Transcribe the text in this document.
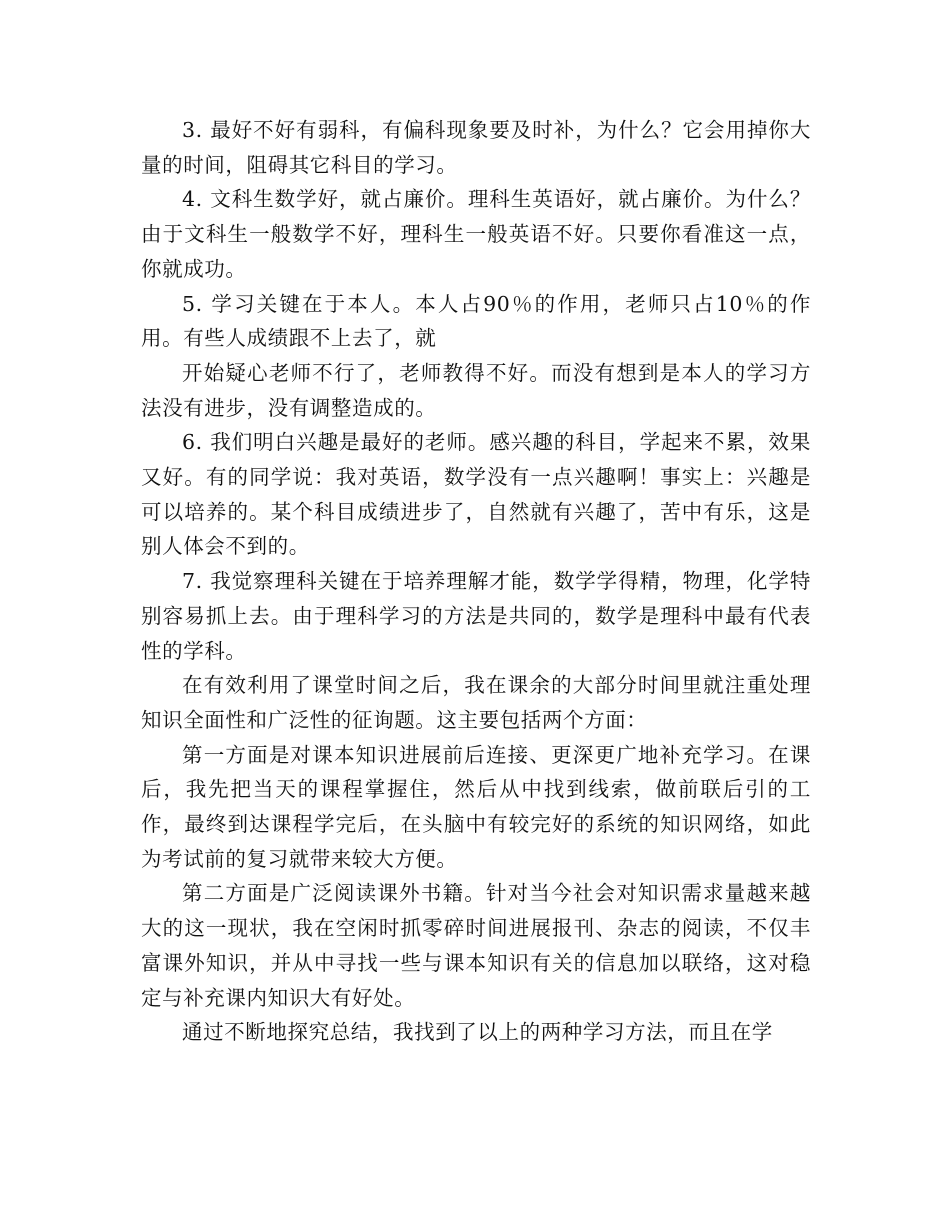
3. 最好不好有弱科，有偏科现象要及时补，为什么？它会用掉你大量的时间，阻碍其它科目的学习。

4. 文科生数学好，就占廉价。理科生英语好，就占廉价。为什么？由于文科生一般数学不好，理科生一般英语不好。只要你看准这一点，你就成功。

5. 学习关键在于本人。本人占90％的作用，老师只占10％的作用。有些人成绩跟不上去了，就

开始疑心老师不行了，老师教得不好。而没有想到是本人的学习方法没有进步，没有调整造成的。

6. 我们明白兴趣是最好的老师。感兴趣的科目，学起来不累，效果又好。有的同学说：我对英语，数学没有一点兴趣啊！事实上：兴趣是可以培养的。某个科目成绩进步了，自然就有兴趣了，苦中有乐，这是别人体会不到的。

7. 我觉察理科关键在于培养理解才能，数学学得精，物理，化学特别容易抓上去。由于理科学习的方法是共同的，数学是理科中最有代表性的学科。

在有效利用了课堂时间之后，我在课余的大部分时间里就注重处理知识全面性和广泛性的征询题。这主要包括两个方面：

第一方面是对课本知识进展前后连接、更深更广地补充学习。在课后，我先把当天的课程掌握住，然后从中找到线索，做前联后引的工作，最终到达课程学完后，在头脑中有较完好的系统的知识网络，如此为考试前的复习就带来较大方便。

第二方面是广泛阅读课外书籍。针对当今社会对知识需求量越来越大的这一现状，我在空闲时抓零碎时间进展报刊、杂志的阅读，不仅丰富课外知识，并从中寻找一些与课本知识有关的信息加以联络，这对稳定与补充课内知识大有好处。

通过不断地探究总结，我找到了以上的两种学习方法，而且在学
